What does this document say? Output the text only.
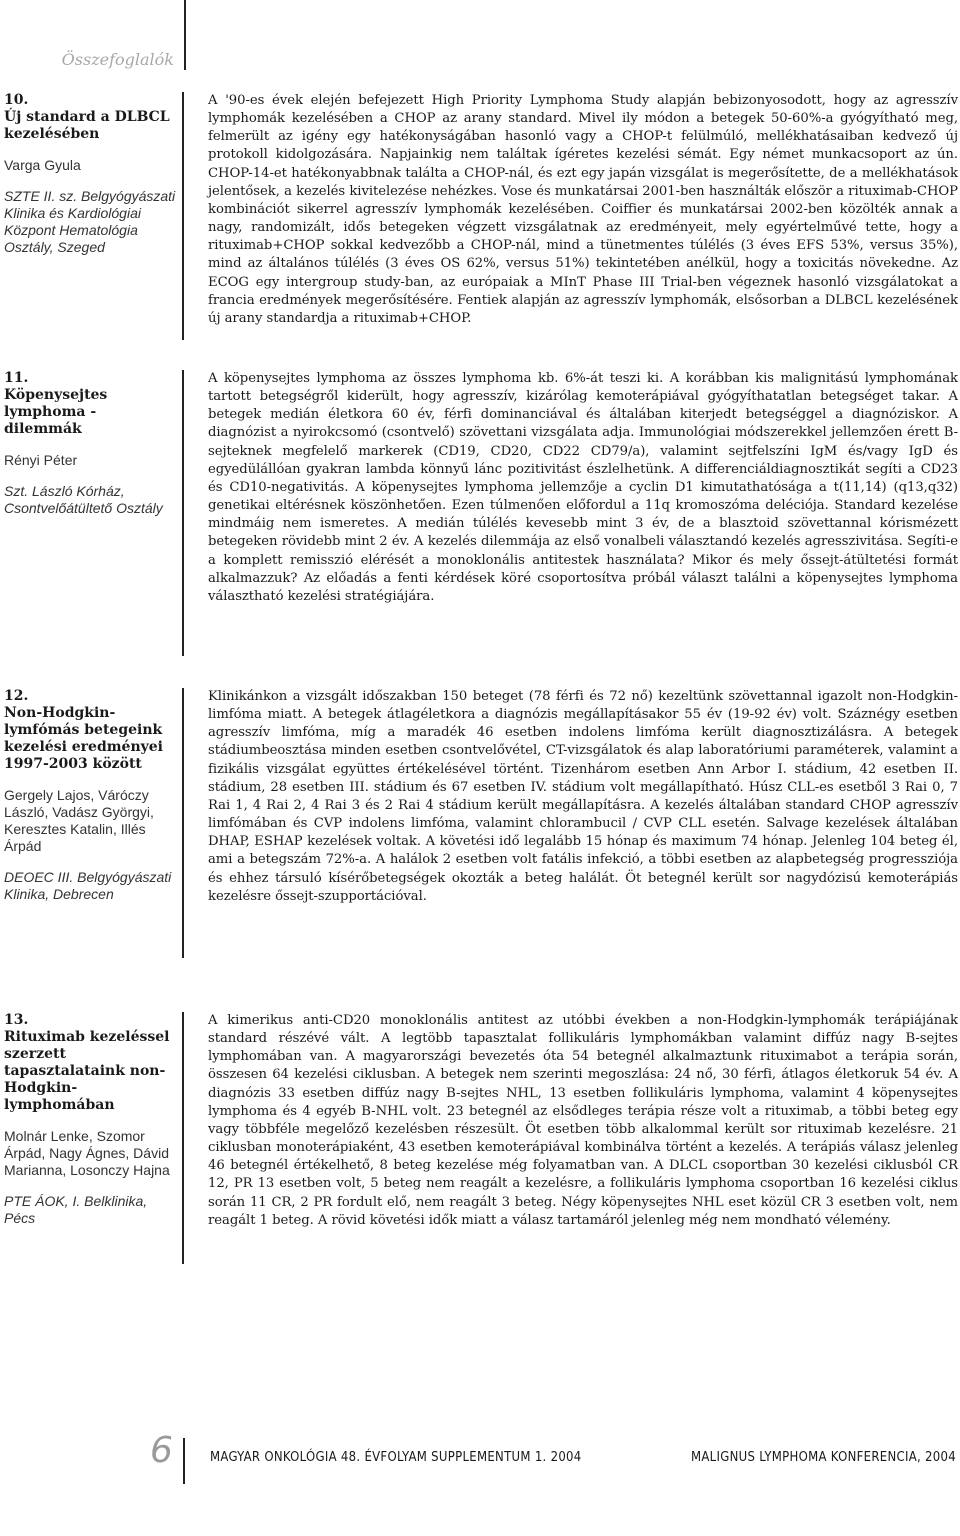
Összefoglalók
10.
Új standard a DLBCL kezelésében
Varga Gyula
SZTE II. sz. Belgyógyászati Klinika és Kardiológiai Központ Hematológia Osztály, Szeged

A '90-es évek elején befejezett High Priority Lymphoma Study alapján bebizonyosodott, hogy az agresszív lymphomák kezelésében a CHOP az arany standard. Mivel ily módon a betegek 50-60%-a gyógyítható meg, felmerült az igény egy hatékonyságában hasonló vagy a CHOP-t felülmúló, mellékhatásaiban kedvező új protokoll kidolgozására. Napjainkig nem találtak ígéretes kezelési sémát. Egy német munkacsoport az ún. CHOP-14-et hatékonyabbnak találta a CHOP-nál, és ezt egy japán vizsgálat is megerősítette, de a mellékhatások jelentősek, a kezelés kivitelezése nehézkes. Vose és munkatársai 2001-ben használták először a rituximab-CHOP kombinációt sikerrel agresszív lymphomák kezelésében. Coiffier és munkatársai 2002-ben közölték annak a nagy, randomizált, idős betegeken végzett vizsgálatnak az eredményeit, mely egyértelművé tette, hogy a rituximab+CHOP sokkal kedvezőbb a CHOP-nál, mind a tünetmentes túlélés (3 éves EFS 53%, versus 35%), mind az általános túlélés (3 éves OS 62%, versus 51%) tekintetében anélkül, hogy a toxicitás növekedne. Az ECOG egy intergroup study-ban, az európaiak a MInT Phase III Trial-ben végeznek hasonló vizsgálatokat a francia eredmények megerősítésére. Fentiek alapján az agresszív lymphomák, elsősorban a DLBCL kezelésének új arany standardja a rituximab+CHOP.

11.
Köpenysejtes lymphoma - dilemmák
Rényi Péter
Szt. László Kórház, Csontvelőátültető Osztály

A köpenysejtes lymphoma az összes lymphoma kb. 6%-át teszi ki. A korábban kis malignitású lymphomának tartott betegségről kiderült, hogy agresszív, kizárólag kemoterápiával gyógyíthatatlan betegséget takar. A betegek medián életkora 60 év, férfi dominanciával és általában kiterjedt betegséggel a diagnóziskor. A diagnózist a nyirokcsomó (csontvelő) szövettani vizsgálata adja. Immunológiai módszerekkel jellemzően érett B-sejteknek megfelelő markerek (CD19, CD20, CD22 CD79/a), valamint sejtfelszíni IgM és/vagy IgD és egyedülállóan gyakran lambda könnyű lánc pozitivitást észlelhetünk. A differenciáldiagnosztikát segíti a CD23 és CD10-negativitás. A köpenysejtes lymphoma jellemzője a cyclin D1 kimutathatósága a t(11,14) (q13,q32) genetikai eltérésnek köszönhetően. Ezen túlmenően előfordul a 11q kromoszóma deléciója. Standard kezelése mindmáig nem ismeretes. A medián túlélés kevesebb mint 3 év, de a blasztoid szövettannal kórismézett betegeken rövidebb mint 2 év. A kezelés dilemmája az első vonalbeli választandó kezelés agresszivitása. Segíti-e a komplett remisszió elérését a monoklonális antitestek használata? Mikor és mely őssejt-átültetési formát alkalmazzuk? Az előadás a fenti kérdések köré csoportosítva próbál választ találni a köpenysejtes lymphoma választható kezelési stratégiájára.

12.
Non-Hodgkin-lymfómás betegeink kezelési eredményei 1997-2003 között
Gergely Lajos, Váróczy László, Vadász Györgyi, Keresztes Katalin, Illés Árpád
DEOEC III. Belgyógyászati Klinika, Debrecen

Klinikánkon a vizsgált időszakban 150 beteget (78 férfi és 72 nő) kezeltünk szövettannal igazolt non-Hodgkin-limfóma miatt. A betegek átlagéletkora a diagnózis megállapításakor 55 év (19-92 év) volt. Száznégy esetben agresszív limfóma, míg a maradék 46 esetben indolens limfóma került diagnosztizálásra. A betegek stádiumbeosztása minden esetben csontvelővétel, CT-vizsgálatok és alap laboratóriumi paraméterek, valamint a fizikális vizsgálat együttes értékelésével történt. Tizenhárom esetben Ann Arbor I. stádium, 42 esetben II. stádium, 28 esetben III. stádium és 67 esetben IV. stádium volt megállapítható. Húsz CLL-es esetből 3 Rai 0, 7 Rai 1, 4 Rai 2, 4 Rai 3 és 2 Rai 4 stádium került megállapításra. A kezelés általában standard CHOP agresszív limfómában és CVP indolens limfóma, valamint chlorambucil / CVP CLL esetén. Salvage kezelések általában DHAP, ESHAP kezelések voltak. A követési idő legalább 15 hónap és maximum 74 hónap. Jelenleg 104 beteg él, ami a betegszám 72%-a. A halálok 2 esetben volt fatális infekció, a többi esetben az alapbetegség progressziója és ehhez társuló kísérőbetegségek okozták a beteg halálát. Öt betegnél került sor nagydózisú kemoterápiás kezelésre őssejt-szupportációval.

13.
Rituximab kezeléssel szerzett tapasztalataink non-Hodgkin-lymphomában
Molnár Lenke, Szomor Árpád, Nagy Ágnes, Dávid Marianna, Losonczy Hajna
PTE ÁOK, I. Belklinika, Pécs

A kimerikus anti-CD20 monoklonális antitest az utóbbi években a non-Hodgkin-lymphomák terápiájának standard részévé vált. A legtöbb tapasztalat follikuláris lymphomákban valamint diffúz nagy B-sejtes lymphomában van. A magyarországi bevezetés óta 54 betegnél alkalmaztunk rituximabot a terápia során, összesen 64 kezelési ciklusban. A betegek nem szerinti megoszlása: 24 nő, 30 férfi, átlagos életkoruk 54 év. A diagnózis 33 esetben diffúz nagy B-sejtes NHL, 13 esetben follikuláris lymphoma, valamint 4 köpenysejtes lymphoma és 4 egyéb B-NHL volt. 23 betegnél az elsődleges terápia része volt a rituximab, a többi beteg egy vagy többféle megelőző kezelésben részesült. Öt esetben több alkalommal került sor rituximab kezelésre. 21 ciklusban monoterápiaként, 43 esetben kemoterápiával kombinálva történt a kezelés. A terápiás válasz jelenleg 46 betegnél értékelhető, 8 beteg kezelése még folyamatban van. A DLCL csoportban 30 kezelési ciklusból CR 12, PR 13 esetben volt, 5 beteg nem reagált a kezelésre, a follikuláris lymphoma csoportban 16 kezelési ciklus során 11 CR, 2 PR fordult elő, nem reagált 3 beteg. Négy köpenysejtes NHL eset közül CR 3 esetben volt, nem reagált 1 beteg. A rövid követési idők miatt a válasz tartamáról jelenleg még nem mondható vélemény.

6	MAGYAR ONKOLÓGIA 48. ÉVFOLYAM SUPPLEMENTUM 1. 2004	MALIGNUS LYMPHOMA KONFERENCIA, 2004
